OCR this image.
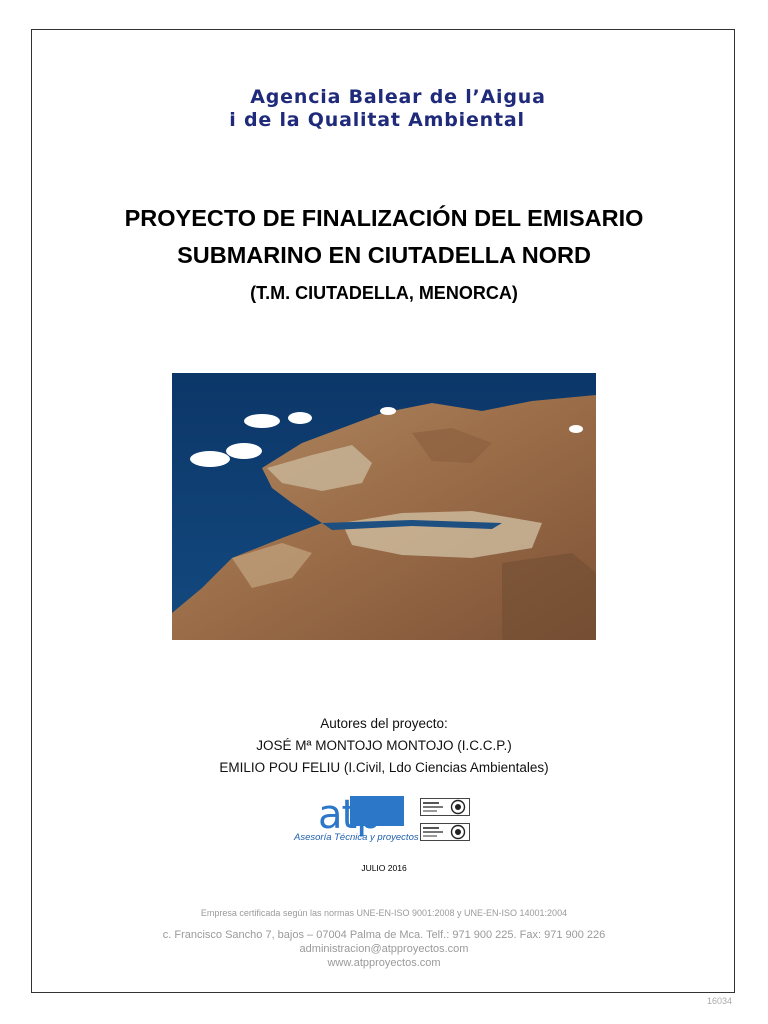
Agencia Balear de l’Aigua
i de la Qualitat Ambiental
PROYECTO DE FINALIZACIÓN DEL EMISARIO
SUBMARINO EN CIUTADELLA NORD
(T.M. CIUTADELLA, MENORCA)
Autores del proyecto:
JOSÉ Mª MONTOJO MONTOJO (I.C.C.P.)
EMILIO POU FELIU (I.Civil, Ldo Ciencias Ambientales)
atp
Asesoría Técnica y proyectos
JULIO 2016
Empresa certificada según las normas UNE-EN-ISO 9001:2008 y UNE-EN-ISO 14001:2004
c. Francisco Sancho 7, bajos – 07004 Palma de Mca. Telf.: 971 900 225. Fax: 971 900 226
administracion@atpproyectos.com
www.atpproyectos.com
16034
